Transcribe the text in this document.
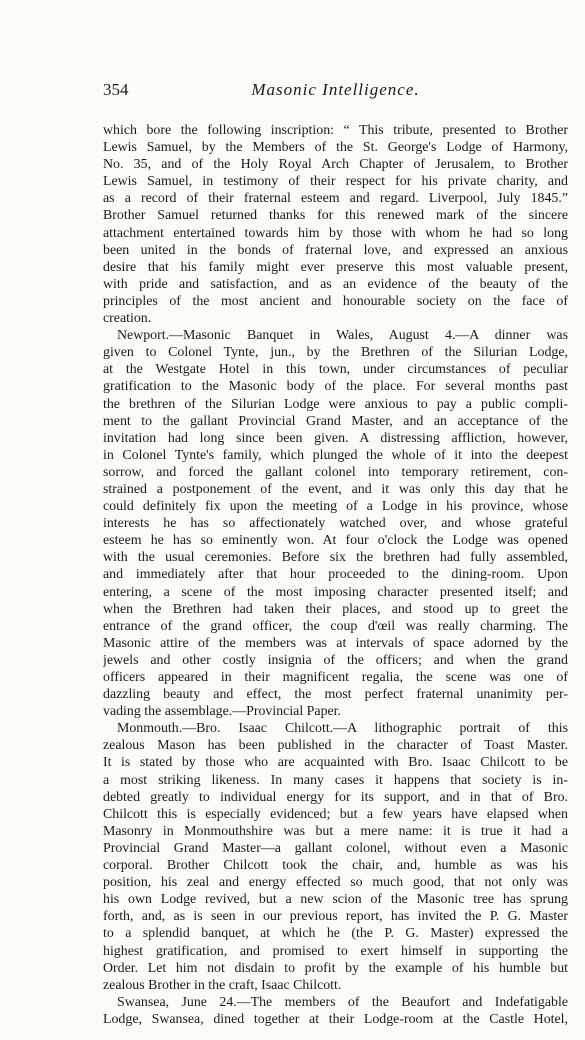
354	Masonic Intelligence.
which bore the following inscription: “ This tribute, presented to Brother
Lewis Samuel, by the Members of the St. George's Lodge of Harmony,
No. 35, and of the Holy Royal Arch Chapter of Jerusalem, to Brother
Lewis Samuel, in testimony of their respect for his private charity, and
as a record of their fraternal esteem and regard. Liverpool, July 1845.”
Brother Samuel returned thanks for this renewed mark of the sincere
attachment entertained towards him by those with whom he had so long
been united in the bonds of fraternal love, and expressed an anxious
desire that his family might ever preserve this most valuable present,
with pride and satisfaction, and as an evidence of the beauty of the
principles of the most ancient and honourable society on the face of
creation.
Newport.—Masonic Banquet in Wales, August 4.—A dinner was
given to Colonel Tynte, jun., by the Brethren of the Silurian Lodge,
at the Westgate Hotel in this town, under circumstances of peculiar
gratification to the Masonic body of the place. For several months past
the brethren of the Silurian Lodge were anxious to pay a public compli-
ment to the gallant Provincial Grand Master, and an acceptance of the
invitation had long since been given. A distressing affliction, however,
in Colonel Tynte's family, which plunged the whole of it into the deepest
sorrow, and forced the gallant colonel into temporary retirement, con-
strained a postponement of the event, and it was only this day that he
could definitely fix upon the meeting of a Lodge in his province, whose
interests he has so affectionately watched over, and whose grateful
esteem he has so eminently won. At four o'clock the Lodge was opened
with the usual ceremonies. Before six the brethren had fully assembled,
and immediately after that hour proceeded to the dining-room. Upon
entering, a scene of the most imposing character presented itself; and
when the Brethren had taken their places, and stood up to greet the
entrance of the grand officer, the coup d'œil was really charming. The
Masonic attire of the members was at intervals of space adorned by the
jewels and other costly insignia of the officers; and when the grand
officers appeared in their magnificent regalia, the scene was one of
dazzling beauty and effect, the most perfect fraternal unanimity per-
vading the assemblage.—Provincial Paper.
Monmouth.—Bro. Isaac Chilcott.—A lithographic portrait of this
zealous Mason has been published in the character of Toast Master.
It is stated by those who are acquainted with Bro. Isaac Chilcott to be
a most striking likeness. In many cases it happens that society is in-
debted greatly to individual energy for its support, and in that of Bro.
Chilcott this is especially evidenced; but a few years have elapsed when
Masonry in Monmouthshire was but a mere name: it is true it had a
Provincial Grand Master—a gallant colonel, without even a Masonic
corporal. Brother Chilcott took the chair, and, humble as was his
position, his zeal and energy effected so much good, that not only was
his own Lodge revived, but a new scion of the Masonic tree has sprung
forth, and, as is seen in our previous report, has invited the P. G. Master
to a splendid banquet, at which he (the P. G. Master) expressed the
highest gratification, and promised to exert himself in supporting the
Order. Let him not disdain to profit by the example of his humble but
zealous Brother in the craft, Isaac Chilcott.
Swansea, June 24.—The members of the Beaufort and Indefatigable
Lodge, Swansea, dined together at their Lodge-room at the Castle Hotel,
